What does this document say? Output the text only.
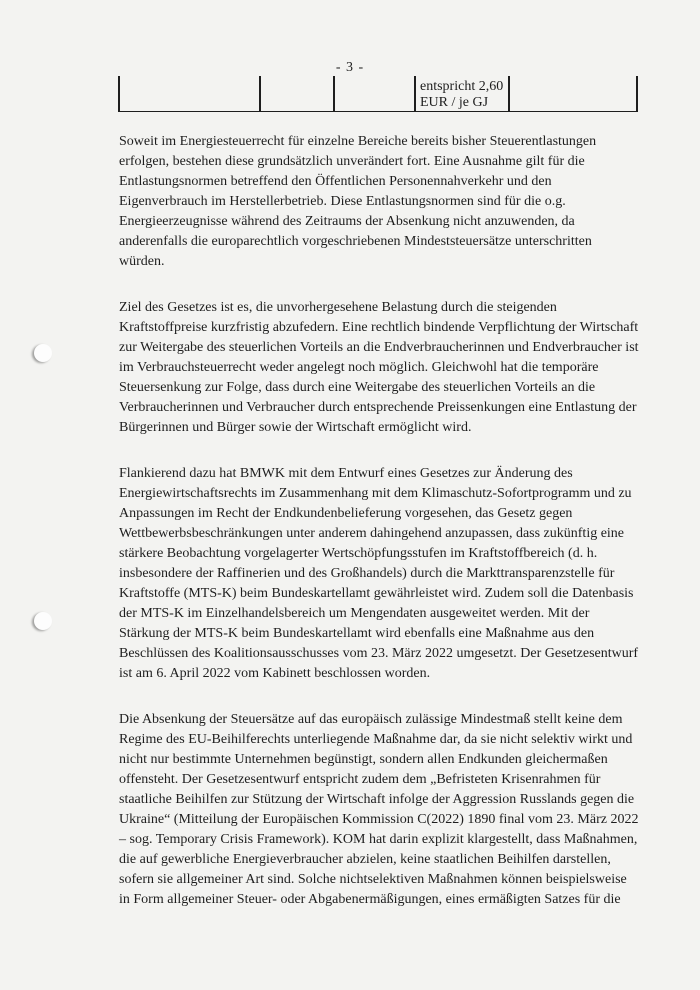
- 3 -
entspricht 2,60
EUR / je GJ

Soweit im Energiesteuerrecht für einzelne Bereiche bereits bisher Steuerentlastungen erfolgen, bestehen diese grundsätzlich unverändert fort. Eine Ausnahme gilt für die Entlastungsnormen betreffend den Öffentlichen Personennahverkehr und den Eigenverbrauch im Herstellerbetrieb. Diese Entlastungsnormen sind für die o.g. Energieerzeugnisse während des Zeitraums der Absenkung nicht anzuwenden, da anderenfalls die europarechtlich vorgeschriebenen Mindeststeuersätze unterschritten würden.

Ziel des Gesetzes ist es, die unvorhergesehene Belastung durch die steigenden Kraftstoffpreise kurzfristig abzufedern. Eine rechtlich bindende Verpflichtung der Wirtschaft zur Weitergabe des steuerlichen Vorteils an die Endverbraucherinnen und Endverbraucher ist im Verbrauchsteuerrecht weder angelegt noch möglich. Gleichwohl hat die temporäre Steuersenkung zur Folge, dass durch eine Weitergabe des steuerlichen Vorteils an die Verbraucherinnen und Verbraucher durch entsprechende Preissenkungen eine Entlastung der Bürgerinnen und Bürger sowie der Wirtschaft ermöglicht wird.

Flankierend dazu hat BMWK mit dem Entwurf eines Gesetzes zur Änderung des Energiewirtschaftsrechts im Zusammenhang mit dem Klimaschutz-Sofortprogramm und zu Anpassungen im Recht der Endkundenbelieferung vorgesehen, das Gesetz gegen Wettbewerbsbeschränkungen unter anderem dahingehend anzupassen, dass zukünftig eine stärkere Beobachtung vorgelagerter Wertschöpfungsstufen im Kraftstoffbereich (d. h. insbesondere der Raffinerien und des Großhandels) durch die Markttransparenzstelle für Kraftstoffe (MTS-K) beim Bundeskartellamt gewährleistet wird. Zudem soll die Datenbasis der MTS-K im Einzelhandelsbereich um Mengendaten ausgeweitet werden. Mit der Stärkung der MTS-K beim Bundeskartellamt wird ebenfalls eine Maßnahme aus den Beschlüssen des Koalitionsausschusses vom 23. März 2022 umgesetzt. Der Gesetzesentwurf ist am 6. April 2022 vom Kabinett beschlossen worden.

Die Absenkung der Steuersätze auf das europäisch zulässige Mindestmaß stellt keine dem Regime des EU-Beihilferechts unterliegende Maßnahme dar, da sie nicht selektiv wirkt und nicht nur bestimmte Unternehmen begünstigt, sondern allen Endkunden gleichermaßen offensteht. Der Gesetzesentwurf entspricht zudem dem „Befristeten Krisenrahmen für staatliche Beihilfen zur Stützung der Wirtschaft infolge der Aggression Russlands gegen die Ukraine“ (Mitteilung der Europäischen Kommission C(2022) 1890 final vom 23. März 2022 – sog. Temporary Crisis Framework). KOM hat darin explizit klargestellt, dass Maßnahmen, die auf gewerbliche Energieverbraucher abzielen, keine staatlichen Beihilfen darstellen, sofern sie allgemeiner Art sind. Solche nichtselektiven Maßnahmen können beispielsweise in Form allgemeiner Steuer- oder Abgabenermäßigungen, eines ermäßigten Satzes für die
